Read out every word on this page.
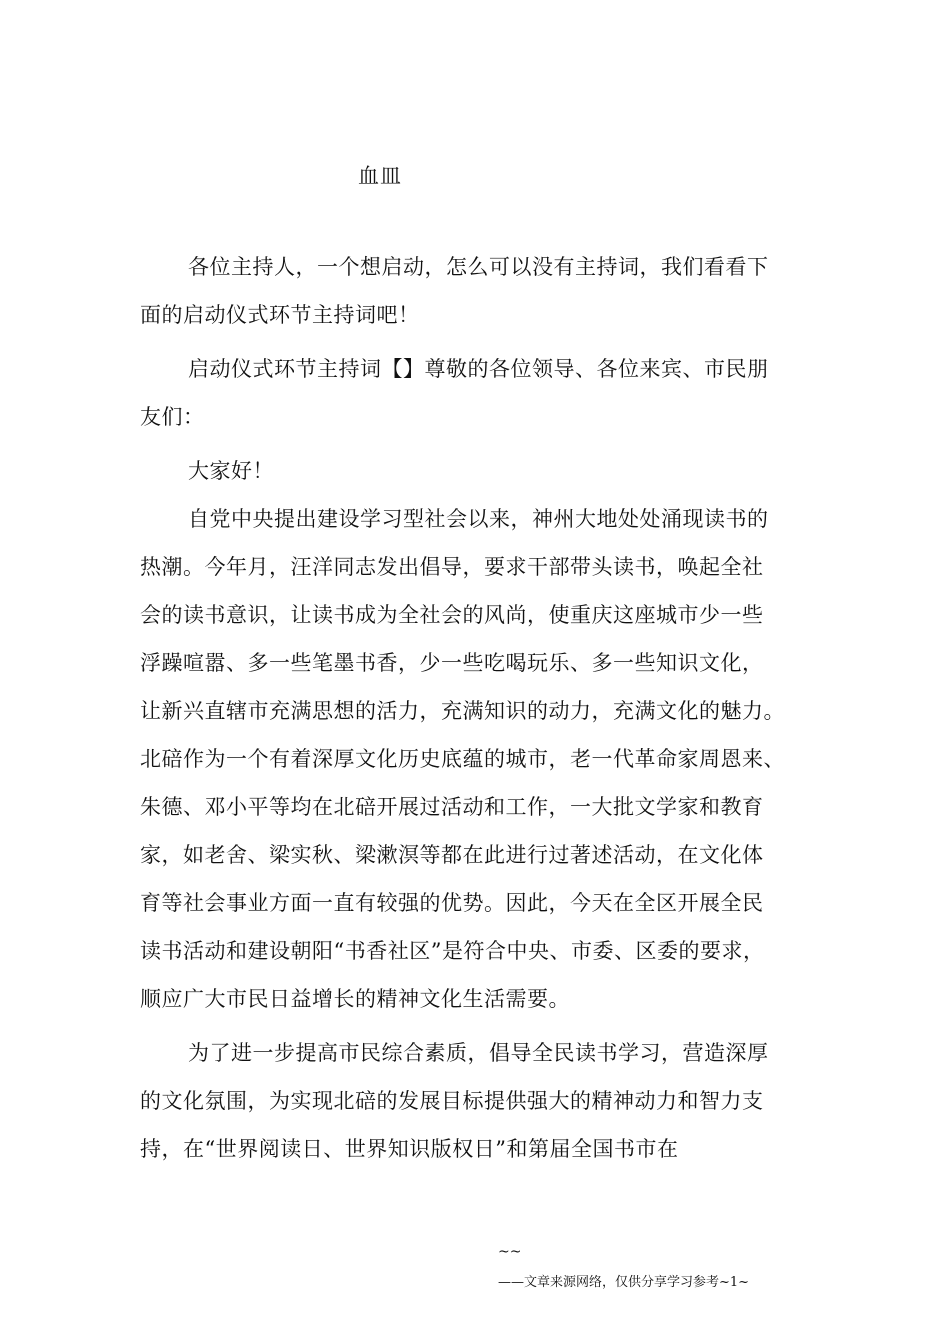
血皿
各位主持人，一个想启动，怎么可以没有主持词，我们看看下
面的启动仪式环节主持词吧！
启动仪式环节主持词【】尊敬的各位领导、各位来宾、市民朋
友们：
大家好！
自党中央提出建设学习型社会以来，神州大地处处涌现读书的
热潮。今年月，汪洋同志发出倡导，要求干部带头读书，唤起全社
会的读书意识，让读书成为全社会的风尚，使重庆这座城市少一些
浮躁喧嚣、多一些笔墨书香，少一些吃喝玩乐、多一些知识文化，
让新兴直辖市充满思想的活力，充满知识的动力，充满文化的魅力。
北碚作为一个有着深厚文化历史底蕴的城市，老一代革命家周恩来、
朱德、邓小平等均在北碚开展过活动和工作，一大批文学家和教育
家，如老舍、梁实秋、梁漱溟等都在此进行过著述活动，在文化体
育等社会事业方面一直有较强的优势。因此，今天在全区开展全民
读书活动和建设朝阳“书香社区”是符合中央、市委、区委的要求，
顺应广大市民日益增长的精神文化生活需要。
为了进一步提高市民综合素质，倡导全民读书学习，营造深厚
的文化氛围，为实现北碚的发展目标提供强大的精神动力和智力支
持，在“世界阅读日、世界知识版权日”和第届全国书市在
~~
——文章来源网络，仅供分享学习参考~1~
